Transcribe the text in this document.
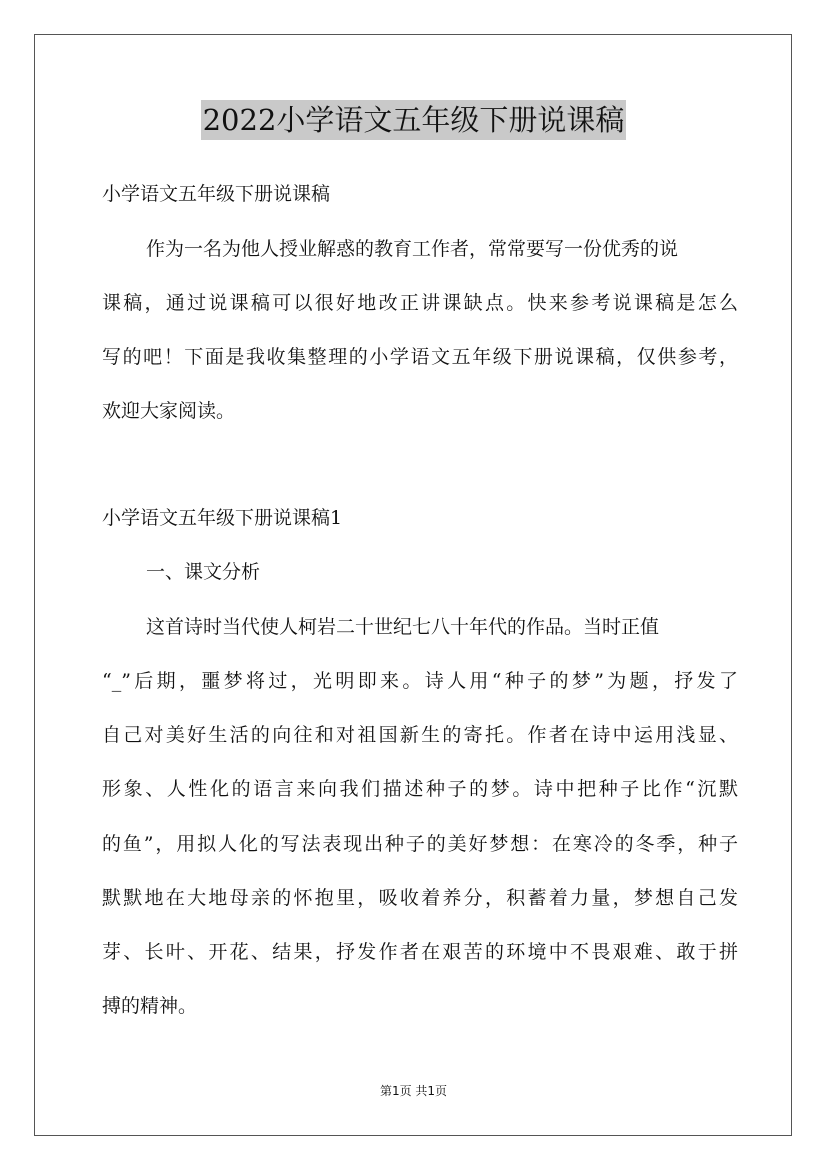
2022小学语文五年级下册说课稿
小学语文五年级下册说课稿
作为一名为他人授业解惑的教育工作者，常常要写一份优秀的说
课稿，通过说课稿可以很好地改正讲课缺点。快来参考说课稿是怎么
写的吧！下面是我收集整理的小学语文五年级下册说课稿，仅供参考，
欢迎大家阅读。
小学语文五年级下册说课稿1
一、课文分析
这首诗时当代使人柯岩二十世纪七八十年代的作品。当时正值
“_”后期，噩梦将过，光明即来。诗人用“种子的梦”为题，抒发了
自己对美好生活的向往和对祖国新生的寄托。作者在诗中运用浅显、
形象、人性化的语言来向我们描述种子的梦。诗中把种子比作“沉默
的鱼”，用拟人化的写法表现出种子的美好梦想：在寒冷的冬季，种子
默默地在大地母亲的怀抱里，吸收着养分，积蓄着力量，梦想自己发
芽、长叶、开花、结果，抒发作者在艰苦的环境中不畏艰难、敢于拼
搏的精神。
第1页 共1页
